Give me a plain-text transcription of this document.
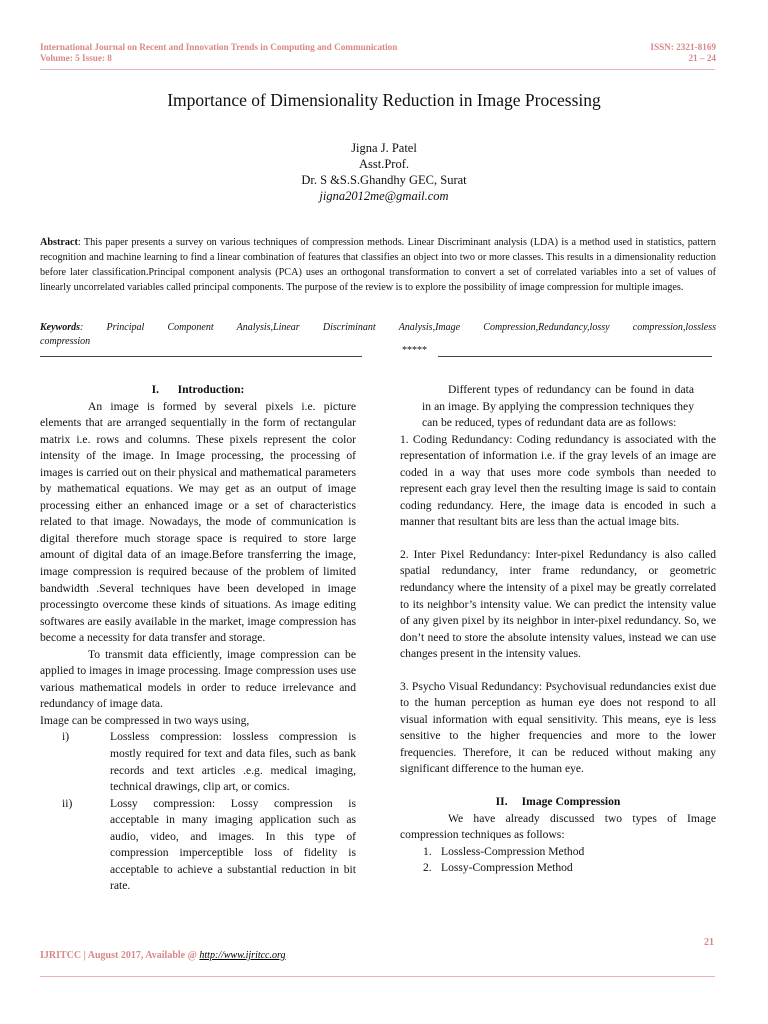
International Journal on Recent and Innovation Trends in Computing and Communication
Volume: 5 Issue: 8
ISSN: 2321-8169
21 – 24
Importance of Dimensionality Reduction in Image Processing
Jigna J. Patel
Asst.Prof.
Dr. S &S.S.Ghandhy GEC, Surat
jigna2012me@gmail.com
Abstract: This paper presents a survey on various techniques of compression methods. Linear Discriminant analysis (LDA) is a method used in statistics, pattern recognition and machine learning to find a linear combination of features that classifies an object into two or more classes. This results in a dimensionality reduction before later classification.Principal component analysis (PCA) uses an orthogonal transformation to convert a set of correlated variables into a set of values of linearly uncorrelated variables called principal components. The purpose of the review is to explore the possibility of image compression for multiple images.
Keywords: Principal Component Analysis,Linear Discriminant Analysis,Image Compression,Redundancy,lossy compression,lossless
compression
*****

I. Introduction:

An image is formed by several pixels i.e. picture elements that are arranged sequentially in the form of rectangular matrix i.e. rows and columns. These pixels represent the color intensity of the image. In Image processing, the processing of images is carried out on their physical and mathematical parameters by mathematical equations. We may get as an output of image processing either an enhanced image or a set of characteristics related to that image. Nowadays, the mode of communication is digital therefore much storage space is required to store large amount of digital data of an image.Before transferring the image, image compression is required because of the problem of limited bandwidth .Several techniques have been developed in image processingto overcome these kinds of situations. As image editing softwares are easily available in the market, image compression has become a necessity for data transfer and storage.

To transmit data efficiently, image compression can be applied to images in image processing. Image compression uses use various mathematical models in order to reduce irrelevance and redundancy of image data.

Image can be compressed in two ways using,

i)	Lossless compression: lossless compression is mostly required for text and data files, such as bank records and text articles .e.g. medical imaging, technical drawings, clip art, or comics.
ii)	Lossy compression: Lossy compression is acceptable in many imaging application such as audio, video, and images. In this type of compression imperceptible loss of fidelity is acceptable to achieve a substantial reduction in bit rate.

Different types of redundancy can be found in data in an image. By applying the compression techniques they can be reduced, types of redundant data are as follows:

1. Coding Redundancy: Coding redundancy is associated with the representation of information i.e. if the gray levels of an image are coded in a way that uses more code symbols than needed to represent each gray level then the resulting image is said to contain coding redundancy. Here, the image data is encoded in such a manner that resultant bits are less than the actual image bits.

2. Inter Pixel Redundancy: Inter-pixel Redundancy is also called spatial redundancy, inter frame redundancy, or geometric redundancy where the intensity of a pixel may be greatly correlated to its neighbor’s intensity value. We can predict the intensity value of any given pixel by its neighbor in inter-pixel redundancy. So, we don’t need to store the absolute intensity values, instead we can use changes present in the intensity values.

3. Psycho Visual Redundancy: Psychovisual redundancies exist due to the human perception as human eye does not respond to all visual information with equal sensitivity. This means, eye is less sensitive to the higher frequencies and more to the lower frequencies. Therefore, it can be reduced without making any significant difference to the human eye.

II. Image Compression

We have already discussed two types of Image compression techniques as follows:

1. Lossless-Compression Method
2. Lossy-Compression Method
21
IJRITCC | August 2017, Available @ http://www.ijritcc.org
